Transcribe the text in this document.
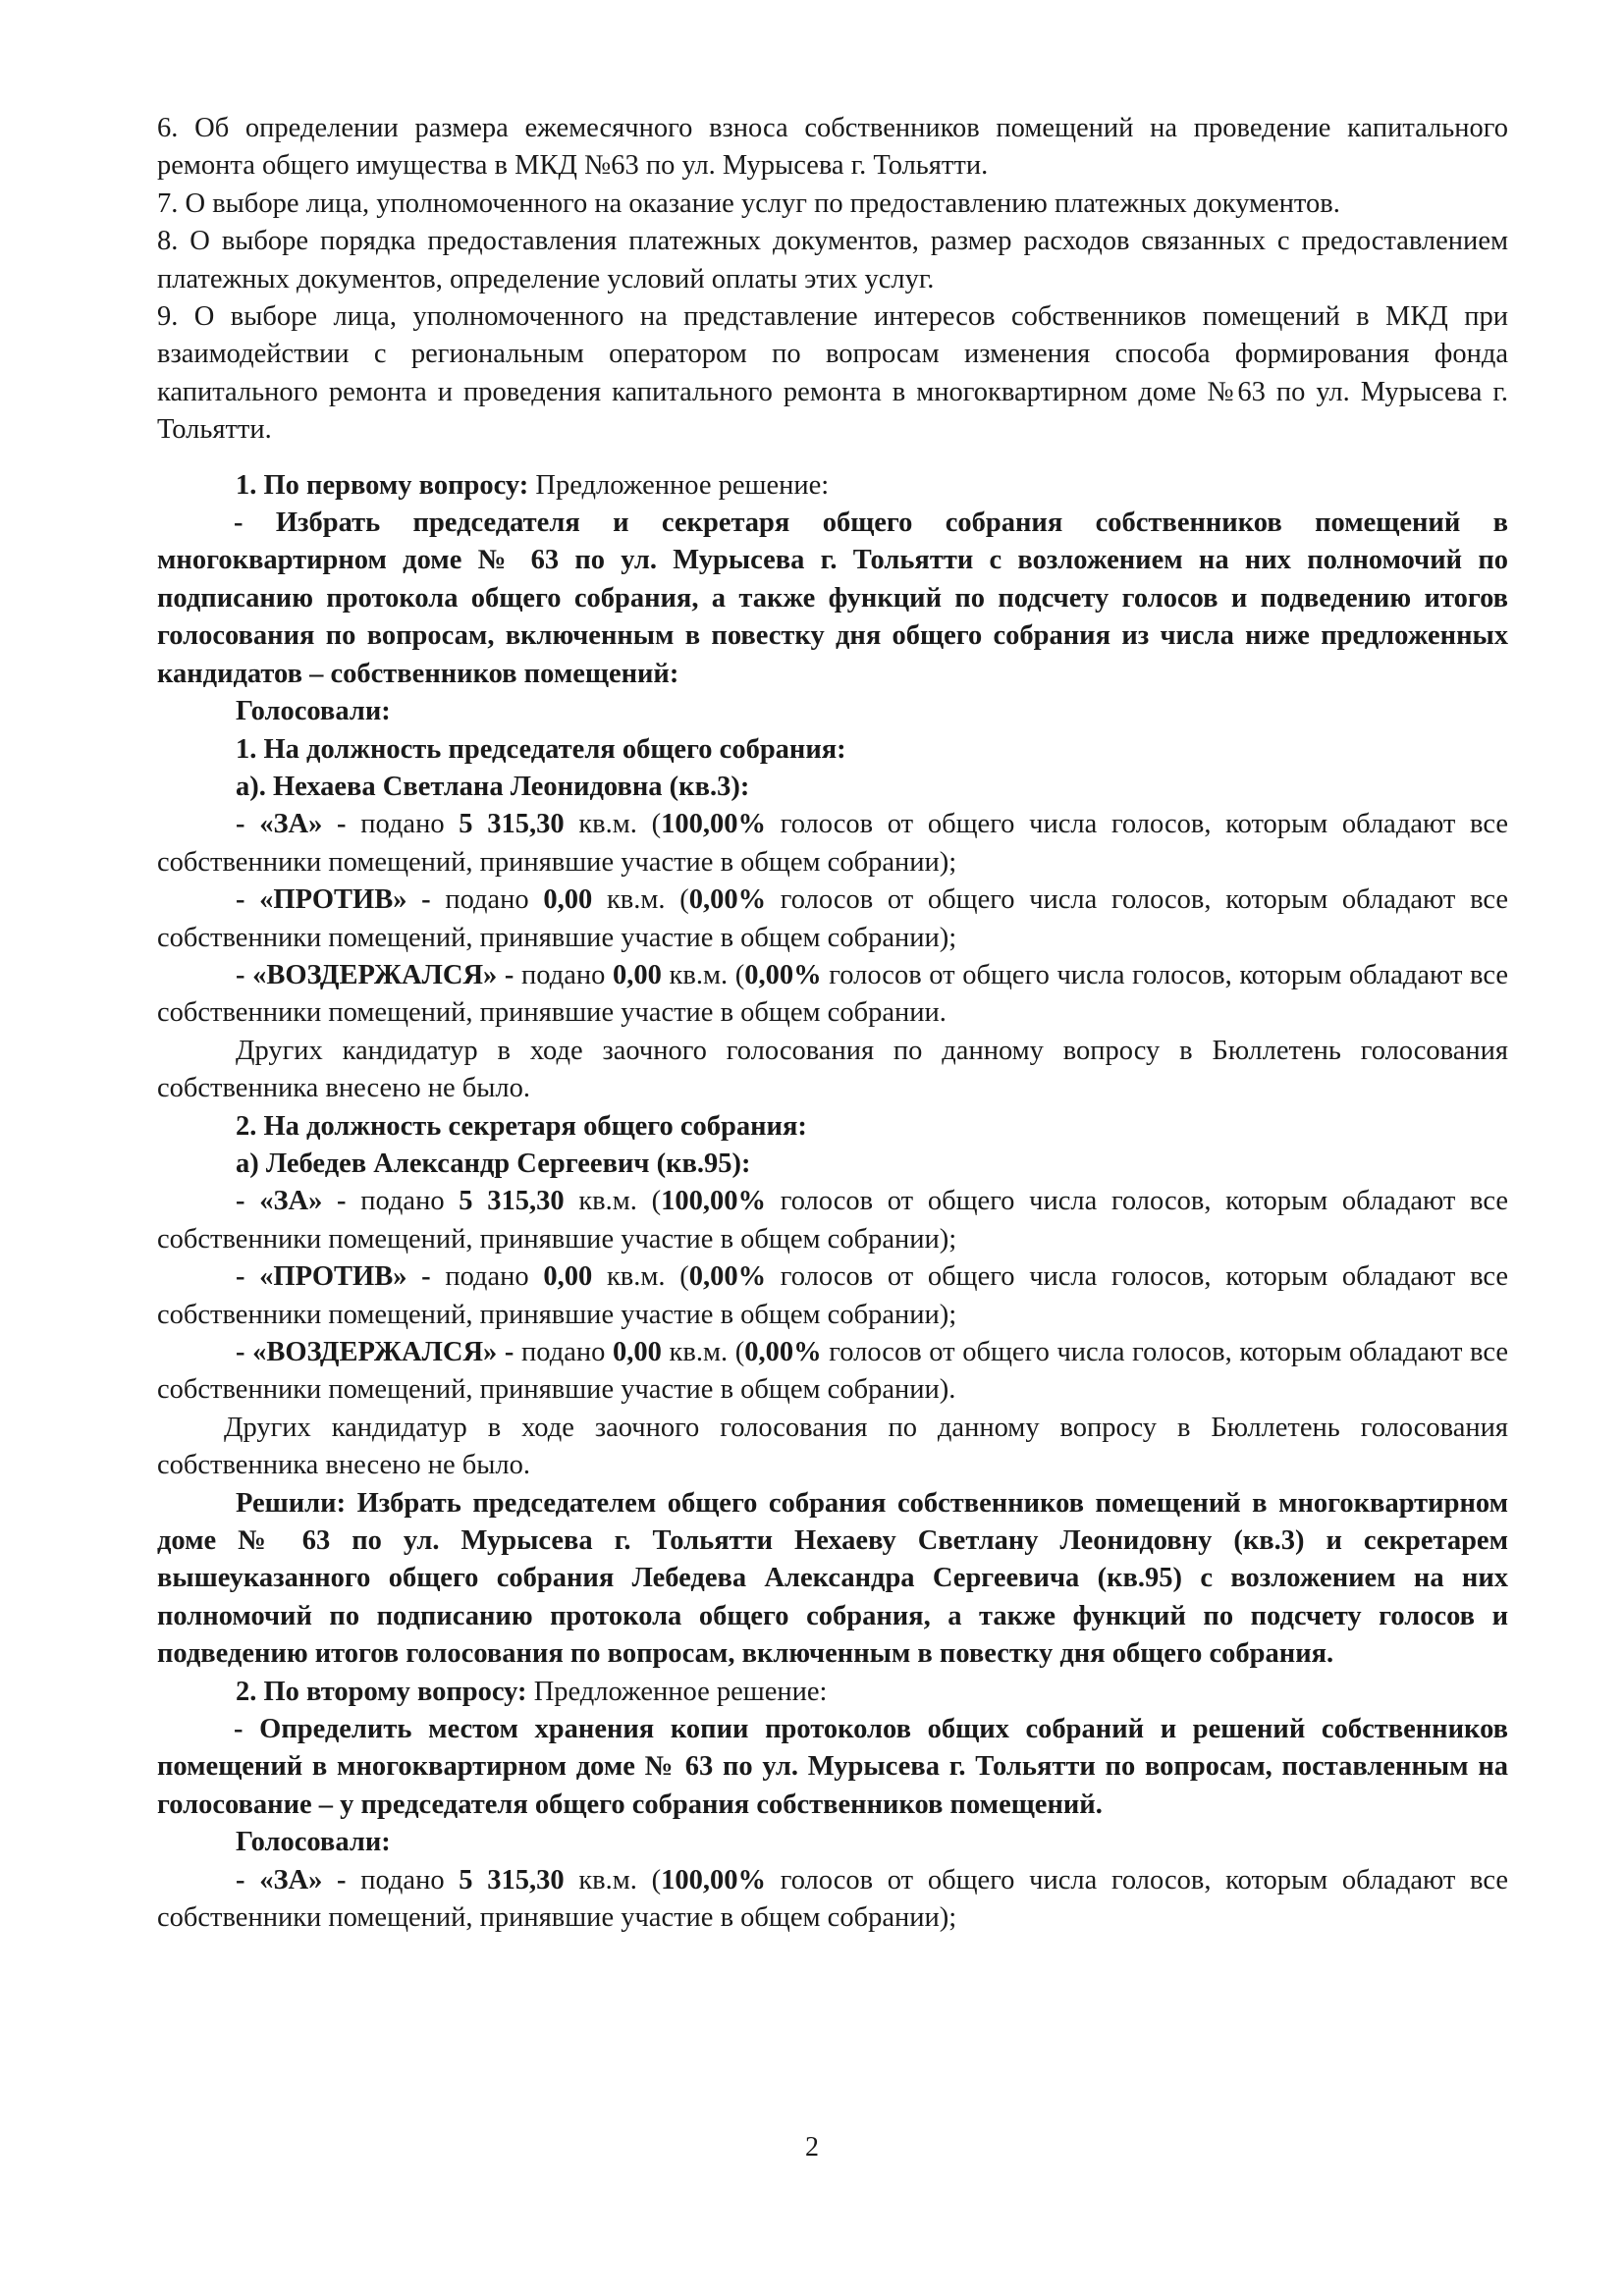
6. Об определении размера ежемесячного взноса собственников помещений на проведение капитального ремонта общего имущества в МКД №63 по ул. Мурысева г. Тольятти.

7. О выборе лица, уполномоченного на оказание услуг по предоставлению платежных документов.

8. О выборе порядка предоставления платежных документов, размер расходов связанных с предоставлением платежных документов, определение условий оплаты этих услуг.

9. О выборе лица, уполномоченного на представление интересов собственников помещений в МКД при взаимодействии с региональным оператором по вопросам изменения способа формирования фонда капитального ремонта и проведения капитального ремонта в многоквартирном доме №63 по ул. Мурысева г. Тольятти.

1. По первому вопросу: Предложенное решение:

- Избрать председателя и секретаря общего собрания собственников помещений в многоквартирном доме № 63 по ул. Мурысева г. Тольятти с возложением на них полномочий по подписанию протокола общего собрания, а также функций по подсчету голосов и подведению итогов голосования по вопросам, включенным в повестку дня общего собрания из числа ниже предложенных кандидатов – собственников помещений:

Голосовали:

1. На должность председателя общего собрания:

а). Нехаева Светлана Леонидовна (кв.3):

- «ЗА» - подано 5 315,30 кв.м. (100,00% голосов от общего числа голосов, которым обладают все собственники помещений, принявшие участие в общем собрании);

- «ПРОТИВ» - подано 0,00 кв.м. (0,00% голосов от общего числа голосов, которым обладают все собственники помещений, принявшие участие в общем собрании);

- «ВОЗДЕРЖАЛСЯ» - подано 0,00 кв.м. (0,00% голосов от общего числа голосов, которым обладают все собственники помещений, принявшие участие в общем собрании.

Других кандидатур в ходе заочного голосования по данному вопросу в Бюллетень голосования собственника внесено не было.

2. На должность секретаря общего собрания:

а) Лебедев Александр Сергеевич (кв.95):

- «ЗА» - подано 5 315,30 кв.м. (100,00% голосов от общего числа голосов, которым обладают все собственники помещений, принявшие участие в общем собрании);

- «ПРОТИВ» - подано 0,00 кв.м. (0,00% голосов от общего числа голосов, которым обладают все собственники помещений, принявшие участие в общем собрании);

- «ВОЗДЕРЖАЛСЯ» - подано 0,00 кв.м. (0,00% голосов от общего числа голосов, которым обладают все собственники помещений, принявшие участие в общем собрании).

Других кандидатур в ходе заочного голосования по данному вопросу в Бюллетень голосования собственника внесено не было.

Решили: Избрать председателем общего собрания собственников помещений в многоквартирном доме № 63 по ул. Мурысева г. Тольятти Нехаеву Светлану Леонидовну (кв.3) и секретарем вышеуказанного общего собрания Лебедева Александра Сергеевича (кв.95) с возложением на них полномочий по подписанию протокола общего собрания, а также функций по подсчету голосов и подведению итогов голосования по вопросам, включенным в повестку дня общего собрания.

2. По второму вопросу: Предложенное решение:

- Определить местом хранения копии протоколов общих собраний и решений собственников помещений в многоквартирном доме № 63 по ул. Мурысева г. Тольятти по вопросам, поставленным на голосование – у председателя общего собрания собственников помещений.

Голосовали:

- «ЗА» - подано 5 315,30 кв.м. (100,00% голосов от общего числа голосов, которым обладают все собственники помещений, принявшие участие в общем собрании);

2
